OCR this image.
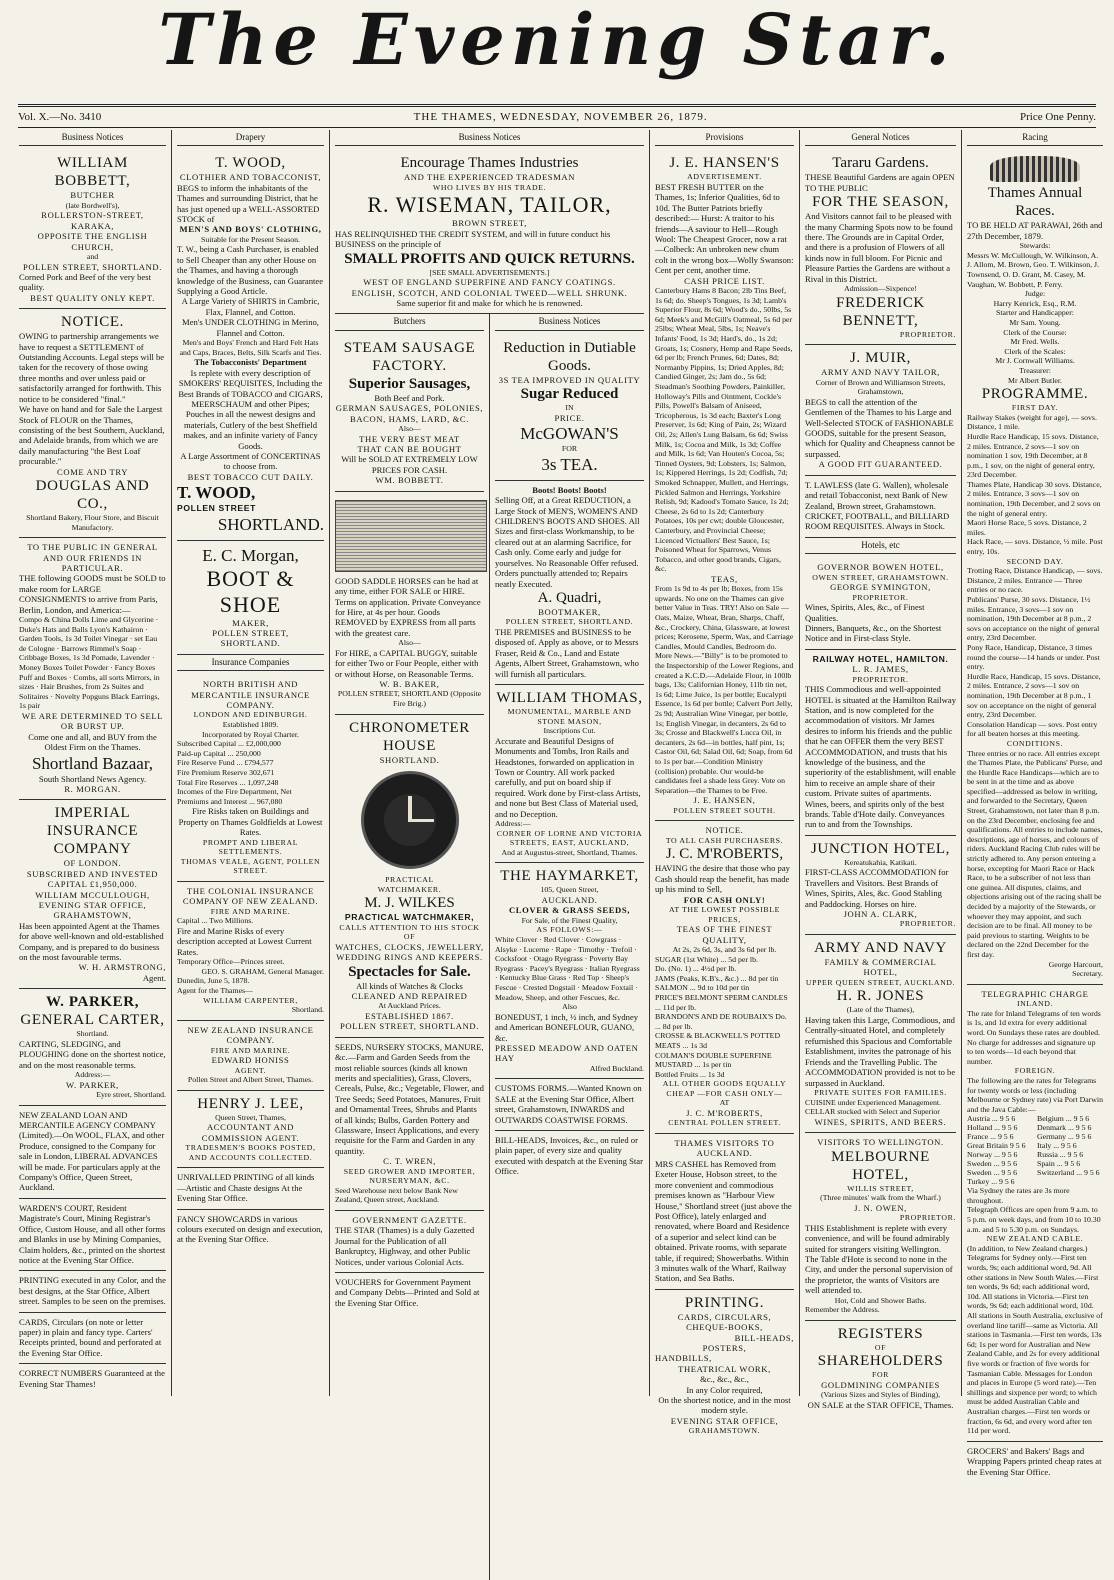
The Evening Star.
Vol. X.—No. 3410	THE THAMES, WEDNESDAY, NOVEMBER 26, 1879.	Price One Penny.
Business Notices

WILLIAM BOBBETT,

BUTCHER

(late Bordwell's),

ROLLERSTON-STREET, KARAKA,

OPPOSITE THE ENGLISH CHURCH,

and

POLLEN STREET, SHORTLAND.

Corned Pork and Beef of the very best quality.

BEST QUALITY ONLY KEPT.

NOTICE.

OWING to partnership arrangements we have to request a SETTLEMENT of Outstanding Accounts. Legal steps will be taken for the recovery of those owing three months and over unless paid or satisfactorily arranged for forthwith. This notice to be considered "final."

We have on hand and for Sale the Largest Stock of FLOUR on the Thames, consisting of the best Southern, Auckland, and Adelaide brands, from which we are daily manufacturing "the Best Loaf procurable."

COME AND TRY

DOUGLAS AND CO.,

Shortland Bakery, Flour Store, and Biscuit Manufactory.

TO THE PUBLIC IN GENERAL

AND OUR FRIENDS IN PARTICULAR.

THE following GOODS must be SOLD to make room for LARGE CONSIGNMENTS to arrive from Paris, Berlin, London, and America:—

Compo & China Dolls Lime and Glycerine · Duke's Hats and Balls Lyon's Kathairon · Garden Tools, 1s 3d Toilet Vinegar · set Eau de Cologne · Barrows Rimmel's Soap · Cribbage Boxes, 1s 3d Pomade, Lavender · Money Boxes Toilet Powder · Fancy Boxes Puff and Boxes · Combs, all sorts Mirrors, in sizes · Hair Brushes, from 2s Suites and Solitaires · Novelty Popguns Black Earrings, 1s pair

WE ARE DETERMINED TO SELL OR BURST UP.

Come one and all, and BUY from the Oldest Firm on the Thames.

Shortland Bazaar,

South Shortland News Agency.

R. MORGAN.

IMPERIAL

INSURANCE COMPANY

OF LONDON.

SUBSCRIBED AND INVESTED

CAPITAL £1,950,000.

WILLIAM MCCULLOUGH,

EVENING STAR OFFICE,

GRAHAMSTOWN,

Has been appointed Agent at the Thames for above well-known and old-established Company, and is prepared to do business on the most favourable terms.

W. H. ARMSTRONG,

Agent.

W. PARKER,

GENERAL CARTER,

Shortland.

CARTING, SLEDGING, and PLOUGHING done on the shortest notice, and on the most reasonable terms.

Address:—

W. PARKER,

Eyre street, Shortland.

NEW ZEALAND LOAN AND MERCANTILE AGENCY COMPANY (Limited).—On WOOL, FLAX, and other Produce, consigned to the Company for sale in London, LIBERAL ADVANCES will be made. For particulars apply at the Company's Office, Queen Street, Auckland.

WARDEN'S COURT, Resident Magistrate's Court, Mining Registrar's Office, Custom House, and all other forms and Blanks in use by Mining Companies, Claim holders, &c., printed on the shortest notice at the Evening Star Office.

PRINTING executed in any Color, and the best designs, at the Star Office, Albert street. Samples to be seen on the premises.

CARDS, Circulars (on note or letter paper) in plain and fancy type. Carters' Receipts printed, bound and perforated at the Evening Star Office.

CORRECT NUMBERS Guaranteed at the Evening Star Thames!

Drapery

T. WOOD,

CLOTHIER AND TOBACCONIST,

BEGS to inform the inhabitants of the Thames and surrounding District, that he has just opened up a WELL-ASSORTED STOCK of

MEN'S AND BOYS' CLOTHING,

Suitable for the Present Season.

T. W., being a Cash Purchaser, is enabled to Sell Cheaper than any other House on the Thames, and having a thorough knowledge of the Business, can Guarantee Supplying a Good Article.

A Large Variety of SHIRTS in Cambric, Flax, Flannel, and Cotton.

Men's UNDER CLOTHING in Merino, Flannel and Cotton.

Men's and Boys' French and Hard Felt Hats and Caps, Braces, Belts, Silk Scarfs and Ties.

The Tobacconists' Department

Is replete with every description of SMOKERS' REQUISITES, Including the Best Brands of TOBACCO and CIGARS, MEERSCHAUM and other Pipes; Pouches in all the newest designs and materials, Cutlery of the best Sheffield makes, and an infinite variety of Fancy Goods.

A Large Assortment of CONCERTINAS to choose from.

BEST TOBACCO CUT DAILY.

T. WOOD,

POLLEN STREET

SHORTLAND.

E. C. Morgan,

BOOT & SHOE

MAKER,

POLLEN STREET,

SHORTLAND.

Insurance Companies

NORTH BRITISH AND MERCANTILE INSURANCE COMPANY.

LONDON AND EDINBURGH.

Established 1809.

Incorporated by Royal Charter.

Subscribed Capital ... £2,000,000

Paid-up Capital ... 250,000

Fire Reserve Fund ... £794,577

Fire Premium Reserve 302,671

Total Fire Reserves ... 1,097,248

Incomes of the Fire Department, Net Premiums and Interest ... 967,080

Fire Risks taken on Buildings and Property on Thames Goldfields at Lowest Rates.

PROMPT AND LIBERAL SETTLEMENTS.

THOMAS VEALE, AGENT, POLLEN STREET.

THE COLONIAL INSURANCE COMPANY OF NEW ZEALAND.

FIRE AND MARINE.

Capital ... Two Millions.

Fire and Marine Risks of every description accepted at Lowest Current Rates.

Temporary Office—Princes street.

GEO. S. GRAHAM, General Manager.

Dunedin, June 5, 1878.

Agent for the Thames—

WILLIAM CARPENTER,

Shortland.

NEW ZEALAND INSURANCE COMPANY.

FIRE AND MARINE.

EDWARD HONISS

AGENT.

Pollen Street and Albert Street, Thames.

HENRY J. LEE,

Queen Street, Thames,

ACCOUNTANT AND COMMISSION AGENT.

TRADESMEN'S BOOKS POSTED, AND ACCOUNTS COLLECTED.

UNRIVALLED PRINTING of all kinds —Artistic and Chaste designs At the Evening Star Office.

FANCY SHOWCARDS in various colours executed on design and execution, at the Evening Star Office.

Business Notices

Encourage Thames Industries

AND THE EXPERIENCED TRADESMAN

WHO LIVES BY HIS TRADE.

R. WISEMAN, TAILOR,

BROWN STREET,

HAS RELINQUISHED THE CREDIT SYSTEM, and will in future conduct his BUSINESS on the principle of

SMALL PROFITS AND QUICK RETURNS.

[SEE SMALL ADVERTISEMENTS.]

WEST OF ENGLAND SUPERFINE AND FANCY COATINGS.

ENGLISH, SCOTCH, AND COLONIAL TWEED—WELL SHRUNK.

Same superior fit and make for which he is renowned.

Butchers

STEAM SAUSAGE FACTORY.

Superior Sausages,

Both Beef and Pork.

GERMAN SAUSAGES, POLONIES,

BACON, HAMS, LARD, &C.

Also—

THE VERY BEST MEAT

THAT CAN BE BOUGHT

Will be SOLD AT EXTREMELY LOW

PRICES FOR CASH.

WM. BOBBETT.

GOOD SADDLE HORSES can be had at any time, either FOR SALE or HIRE. Terms on application. Private Conveyance for Hire, at 4s per hour. Goods REMOVED by EXPRESS from all parts with the greatest care.

Also—

For HIRE, a CAPITAL BUGGY, suitable for either Two or Four People, either with or without Horse, on Reasonable Terms.

W. B. BAKER,

POLLEN STREET, SHORTLAND (Opposite Fire Brig.)

CHRONOMETER HOUSE

SHORTLAND.

PRACTICAL

WATCHMAKER.

M. J. WILKES

PRACTICAL WATCHMAKER,

CALLS ATTENTION TO HIS STOCK OF

WATCHES, CLOCKS, JEWELLERY, WEDDING RINGS AND KEEPERS.

Spectacles for Sale.

All kinds of Watches & Clocks

CLEANED AND REPAIRED

At Auckland Prices.

ESTABLISHED 1867.

POLLEN STREET, SHORTLAND.

SEEDS, NURSERY STOCKS, MANURE, &c.—Farm and Garden Seeds from the most reliable sources (kinds all known merits and specialities), Grass, Clovers, Cereals, Pulse, &c.; Vegetable, Flower, and Tree Seeds; Seed Potatoes, Manures, Fruit and Ornamental Trees, Shrubs and Plants of all kinds; Bulbs, Garden Pottery and Glassware, Insect Applications, and every requisite for the Farm and Garden in any quantity.

C. T. WREN,

SEED GROWER AND IMPORTER, NURSERYMAN, &C.

Seed Warehouse next below Bank New Zealand, Queen street, Auckland.

GOVERNMENT GAZETTE.

THE STAR (Thames) is a duly Gazetted Journal for the Publication of all Bankruptcy, Highway, and other Public Notices, under various Colonial Acts.

VOUCHERS for Government Payment and Company Debts—Printed and Sold at the Evening Star Office.

Business Notices

Reduction in Dutiable

Goods.

3S TEA IMPROVED IN QUALITY

Sugar Reduced

IN

PRICE.

McGOWAN'S

FOR

3s TEA.

Boots! Boots! Boots!

Selling Off, at a Great REDUCTION, a Large Stock of MEN'S, WOMEN'S AND CHILDREN'S BOOTS AND SHOES. All Sizes and first-class Workmanship, to be cleared out at an alarming Sacrifice, for Cash only. Come early and judge for yourselves. No Reasonable Offer refused. Orders punctually attended to; Repairs neatly Executed.

A. Quadri,

BOOTMAKER,

POLLEN STREET, SHORTLAND.

THE PREMISES and BUSINESS to be disposed of. Apply as above, or to Messrs Fraser, Reid & Co., Land and Estate Agents, Albert Street, Grahamstown, who will furnish all particulars.

WILLIAM THOMAS,

MONUMENTAL, MARBLE AND STONE MASON,

Inscriptions Cut.

Accurate and Beautiful Designs of Monuments and Tombs, Iron Rails and Headstones, forwarded on application in Town or Country. All work packed carefully, and put on board ship if required. Work done by First-class Artists, and none but Best Class of Material used, and no Deception.

Address:—

CORNER OF LORNE AND VICTORIA STREETS, EAST, AUCKLAND,

And at Augustus-street, Shortland, Thames.

THE HAYMARKET,

105, Queen Street,

AUCKLAND.

CLOVER & GRASS SEEDS,

For Sale, of the Finest Quality,

AS FOLLOWS:—

White Clover · Red Clover · Cowgrass · Alsyke · Lucerne · Rape · Timothy · Trefoil · Cocksfoot · Otago Ryegrass · Poverty Bay Ryegrass · Pacey's Ryegrass · Italian Ryegrass · Kentucky Blue Grass · Red Top · Sheep's Fescue · Crested Dogstail · Meadow Foxtail · Meadow, Sheep, and other Fescues, &c.

Also

BONEDUST, 1 inch, ½ inch, and Sydney and American BONEFLOUR, GUANO, &c.

PRESSED MEADOW AND OATEN HAY

Alfred Buckland.

CUSTOMS FORMS.—Wanted Known on SALE at the Evening Star Office, Albert street, Grahamstown, INWARDS and OUTWARDS COASTWISE FORMS.

BILL-HEADS, Invoices, &c., on ruled or plain paper, of every size and quality executed with despatch at the Evening Star Office.

Provisions

J. E. HANSEN'S

ADVERTISEMENT.

BEST FRESH BUTTER on the Thames, 1s; Inferior Qualities, 6d to 10d. The Butter Patriots briefly described:— Hurst: A traitor to his friends—A saviour to Hell—Rough Wool: The Cheapest Grocer, now a rat—Colbeck: An unbroken new chum colt in the wrong box—Wolly Swanson: Cent per cent, another time.

CASH PRICE LIST.

Canterbury Hams 8 Bacon; 2lb Tins Beef, 1s 6d; do. Sheep's Tongues, 1s 3d; Lamb's Superior Flour, 8s 6d; Wood's do., 50lbs, 5s 6d; Meek's and McGill's Oatmeal, 5s 6d per 25lbs; Wheat Meal, 5lbs, 1s; Neave's Infants' Food, 1s 3d; Hard's, do., 1s 2d; Groats, 1s; Cosnery, Hemp and Rape Seeds, 6d per lb; French Prunes, 6d; Dates, 8d; Normanby Pippins, 1s; Dried Apples, 8d; Candied Ginger, 2s; Jam do., 5s 6d; Steadman's Soothing Powders, Painkiller, Holloway's Pills and Ointment, Cockle's Pills, Powell's Balsam of Aniseed, Tricopherous, 1s 3d each; Baxter's Long Preserver, 1s 6d; King of Pain, 2s; Wizard Oil, 2s; Allen's Lung Balsam, 6s 6d; Swiss Milk, 1s; Cocoa and Milk, 1s 3d; Coffee and Milk, 1s 6d; Van Houten's Cocoa, 5s; Tinned Oysters, 9d; Lobsters, 1s; Salmon, 1s; Kippered Herrings, 1s 2d; Codfish, 7d; Smoked Schnapper, Mullett, and Herrings, Pickled Salmon and Herrings, Yorkshire Relish, 9d; Kadood's Tomato Sauce, 1s 2d; Cheese, 2s 6d to 1s 2d; Canterbury Potatoes, 10s per cwt; double Gloucester, Canterbury, and Provincial Cheese; Licenced Victuallers' Best Sauce, 1s; Poisoned Wheat for Sparrows, Venus Tobacco, and other good brands, Cigars, &c.

TEAS,

From 1s 9d to 4s per lb; Boxes, from 15s upwards. No one on the Thames can give better Value in Teas. TRY! Also on Sale —Oats, Maize, Wheat, Bran, Sharps, Chaff, &c., Crockery, China, Glassware, at lowest prices; Kerosene, Sperm, Wax, and Carriage Candles, Mould Candles, Bedroom do.

More News.—"Billy" is to be promoted to the Inspectorship of the Lower Regions, and created a K.C.D.—Adelaide Flour, in 100lb bags, 13s; Californian Honey, 11lb tin net, 1s 6d; Lime Juice, 1s per bottle; Eucalypti Essence, 1s 6d per bottle; Calvert Port Jelly, 2s 9d; Australian Wine Vinegar, per bottle, 1s; English Vinegar, in decanters, 2s 6d to 3s; Crosse and Blackwell's Lucca Oil, in decanters, 2s 6d—in bottles, half pint, 1s; Castor Oil, 6d; Salad Oil, 6d; Soap, from 6d to 1s per bar.—Condition Ministry (collision) probable. Our would-be candidates feel a shade less Grey. Vote on Separation—the Thames to be Free.

J. E. HANSEN,

POLLEN STREET SOUTH.

NOTICE.

TO ALL CASH PURCHASERS.

J. C. M'ROBERTS,

HAVING the desire that those who pay Cash should reap the benefit, has made up his mind to Sell,

FOR CASH ONLY!

AT THE LOWEST POSSIBLE PRICES,

TEAS OF THE FINEST QUALITY,

At 2s, 2s 6d, 3s, and 3s 6d per lb.

SUGAR (1st White) ... 5d per lb.

Do. (No. 1) ... 4½d per lb.

JAMS (Peaks, K.B's., &c.) ... 8d per tin

SALMON ... 9d to 10d per tin

PRICE'S BELMONT SPERM CANDLES ... 11d per lb.

BRANDON'S AND DE ROUBAIX'S Do. ... 8d per lb.

CROSSE & BLACKWELL'S POTTED MEATS ... 1s 3d

COLMAN'S DOUBLE SUPERFINE MUSTARD ... 1s per tin

Bottled Fruits ... 1s 3d

ALL OTHER GOODS EQUALLY CHEAP —FOR CASH ONLY—

AT

J. C. M'ROBERTS,

CENTRAL POLLEN STREET.

THAMES VISITORS TO AUCKLAND.

MRS CASHEL has Removed from Exeter House, Hobson street, to the more convenient and commodious premises known as "Harbour View House," Shortland street (just above the Post Office), lately enlarged and renovated, where Board and Residence of a superior and select kind can be obtained. Private rooms, with separate table, if required; Showerbaths. Within 3 minutes walk of the Wharf, Railway Station, and Sea Baths.

PRINTING.

CARDS, CIRCULARS,

CHEQUE-BOOKS,

BILL-HEADS,

POSTERS,

HANDBILLS,

THEATRICAL WORK,

&c., &c., &c.,

In any Color required,

On the shortest notice, and in the most

modern style.

EVENING STAR OFFICE,

GRAHAMSTOWN.

General Notices

Tararu Gardens.

THESE Beautiful Gardens are again OPEN TO THE PUBLIC

FOR THE SEASON,

And Visitors cannot fail to be pleased with the many Charming Spots now to be found there. The Grounds are in Capital Order, and there is a profusion of Flowers of all kinds now in full bloom. For Picnic and Pleasure Parties the Gardens are without a Rival in this District.

Admission—Sixpence!

FREDERICK BENNETT,

PROPRIETOR.

J. MUIR,

ARMY AND NAVY TAILOR,

Corner of Brown and Williamson Streets, Grahamstown,

BEGS to call the attention of the Gentlemen of the Thames to his Large and Well-Selected STOCK of FASHIONABLE GOODS, suitable for the present Season, which for Quality and Cheapness cannot be surpassed.

A GOOD FIT GUARANTEED.

T. LAWLESS (late G. Wallen), wholesale and retail Tobacconist, next Bank of New Zealand, Brown street, Grahamstown. CRICKET, FOOTBALL, and BILLIARD ROOM REQUISITES. Always in Stock.

Hotels, etc

GOVERNOR BOWEN HOTEL,

OWEN STREET, GRAHAMSTOWN.

GEORGE SYMINGTON,

PROPRIETOR.

Wines, Spirits, Ales, &c., of Finest Qualities.

Dinners, Banquets, &c., on the Shortest Notice and in First-class Style.

RAILWAY HOTEL, HAMILTON.

L. R. JAMES,

PROPRIETOR.

THIS Commodious and well-appointed HOTEL is situated at the Hamilton Railway Station, and is now completed for the accommodation of visitors. Mr James desires to inform his friends and the public that he can OFFER them the very BEST ACCOMMODATION, and trusts that his knowledge of the business, and the superiority of the establishment, will enable him to receive an ample share of their custom. Private suites of apartments. Wines, beers, and spirits only of the best brands. Table d'Hote daily. Conveyances run to and from the Townships.

JUNCTION HOTEL,

Kereatukahia, Katikati.

FIRST-CLASS ACCOMMODATION for Travellers and Visitors. Best Brands of Wines, Spirits, Ales, &c. Good Stabling and Paddocking. Horses on hire.

JOHN A. CLARK,

PROPRIETOR.

ARMY AND NAVY

FAMILY & COMMERCIAL

HOTEL,

UPPER QUEEN STREET, AUCKLAND.

H. R. JONES

(Late of the Thames),

Having taken this Large, Commodious, and Centrally-situated Hotel, and completely refurnished this Spacious and Comfortable Establishment, invites the patronage of his Friends and the Travelling Public. The ACCOMMODATION provided is not to be surpassed in Auckland.

PRIVATE SUITES FOR FAMILIES.

CUISINE under Experienced Management.

CELLAR stocked with Select and Superior

WINES, SPIRITS, AND BEERS.

VISITORS TO WELLINGTON.

MELBOURNE HOTEL,

WILLIS STREET,

(Three minutes' walk from the Wharf.)

J. N. OWEN,

PROPRIETOR.

THIS Establishment is replete with every convenience, and will be found admirably suited for strangers visiting Wellington. The Table d'Hote is second to none in the City, and under the personal supervision of the proprietor, the wants of Visitors are well attended to.

Hot, Cold and Shower Baths.

Remember the Address.

REGISTERS

OF

SHAREHOLDERS

FOR

GOLDMINING COMPANIES

(Various Sizes and Styles of Binding),

ON SALE at the STAR OFFICE, Thames.

Racing

Thames Annual Races.

TO BE HELD AT PARAWAI, 26th and 27th December, 1879.

Stewards:

Messrs W. McCullough, W. Wilkinson, A. J. Allom, M. Brown, Geo. T. Wilkinson, J. Townsend, O. D. Grant, M. Casey, M. Vaughan, W. Bobbett, P. Ferry.

Judge:

Harry Kenrick, Esq., R.M.

Starter and Handicapper:

Mr Sam. Young.

Clerk of the Course:

Mr Fred. Wells.

Clerk of the Scales:

Mr J. Cornwall Williams.

Treasurer:

Mr Albert Butler.

PROGRAMME.

FIRST DAY.

Railway Stakes (weight for age), — sovs. Distance, 1 mile.

Hurdle Race Handicap, 15 sovs. Distance, 2 miles. Entrance, 2 sovs—1 sov on nomination 1 sov, 19th December, at 8 p.m., 1 sov, on the night of general entry, 23rd December.

Thames Plate, Handicap 30 sovs. Distance, 2 miles. Entrance, 3 sovs—1 sov on nomination, 19th December, and 2 sovs on the night of general entry.

Maori Horse Race, 5 sovs. Distance, 2 miles.

Hack Race, — sovs. Distance, ½ mile. Post entry, 10s.

SECOND DAY.

Trotting Race, Distance Handicap, — sovs. Distance, 2 miles. Entrance — Three entries or no race.

Publicans' Purse, 30 sovs. Distance, 1½ miles. Entrance, 3 sovs—1 sov on nomination, 19th December at 8 p.m., 2 sovs on acceptance on the night of general entry, 23rd December.

Pony Race, Handicap, Distance, 3 times round the course—14 hands or under. Post entry.

Hurdle Race, Handicap, 15 sovs. Distance, 2 miles. Entrance, 2 sovs—1 sov on nomination, 19th December at 8 p.m., 1 sov on acceptance on the night of general entry, 23rd December.

Consolation Handicap — sovs. Post entry for all beaten horses at this meeting.

CONDITIONS.

Three entries or no race. All entries except the Thames Plate, the Publicans' Purse, and the Hurdle Race Handicaps—which are to be sent in at the time and as above specified—addressed as below in writing, and forwarded to the Secretary, Queen Street, Grahamstown, not later than 8 p.m. on the 23rd December, enclosing fee and qualifications. All entries to include names, descriptions, age of horses, and colours of riders. Auckland Racing Club rules will be strictly adhered to. Any person entering a horse, excepting for Maori Race or Hack Race, to be a subscriber of not less than one guinea. All disputes, claims, and objections arising out of the racing shall be decided by a majority of the Stewards, or whoever they may appoint, and such decision are to be final. All money to be paid previous to starting. Weights to be declared on the 22nd December for the first day.

George Harcourt,

Secretary.

TELEGRAPHIC CHARGE

INLAND.

The rate for Inland Telegrams of ten words is 1s, and 1d extra for every additional word. On Sundays these rates are doubled. No charge for addresses and signature up to ten words—1d each beyond that number.

FOREIGN.

The following are the rates for Telegrams for twenty words or less (including Melbourne or Sydney rate) via Port Darwin and the Java Cable:—

Austria ... 9 5 6	Belgium ... 9 5 6
Holland ... 9 5 6	Denmark ... 9 5 6
France ... 9 5 6	Germany ... 9 5 6
Great Britain 9 5 6	Italy ... 9 5 6
Norway ... 9 5 6	Russia ... 9 5 6
Sweden ... 9 5 6	Spain ... 9 5 6
Sweden ... 9 5 6	Switzerland ... 9 5 6
Turkey ... 9 5 6

Via Sydney the rates are 3s more throughout.

Telegraph Offices are open from 9 a.m. to 5 p.m. on week days, and from 10 to 10.30 a.m. and 5 to 5.30 p.m. on Sundays.

NEW ZEALAND CABLE.

(In addition, to New Zealand charges.) Telegrams for Sydney only.—First ten words, 9s; each additional word, 9d. All other stations in New South Wales.—First ten words, 9s 6d; each additional word, 10d. All stations in Victoria.—First ten words, 9s 6d; each additional word, 10d. All stations in South Australia, exclusive of overland line tariff—same as Victoria. All stations in Tasmania.—First ten words, 13s 6d; 1s per word for Australian and New Zealand Cable, and 2s for every additional five words or fraction of five words for Tasmanian Cable. Messages for London and places in Europe (5 word rate).—Ten shillings and sixpence per word; to which must be added Australian Cable and Australian charges.—First ten words or fraction, 6s 6d, and every word after ten 11d per word.

GROCERS' and Bakers' Bags and Wrapping Papers printed cheap rates at the Evening Star Office.
